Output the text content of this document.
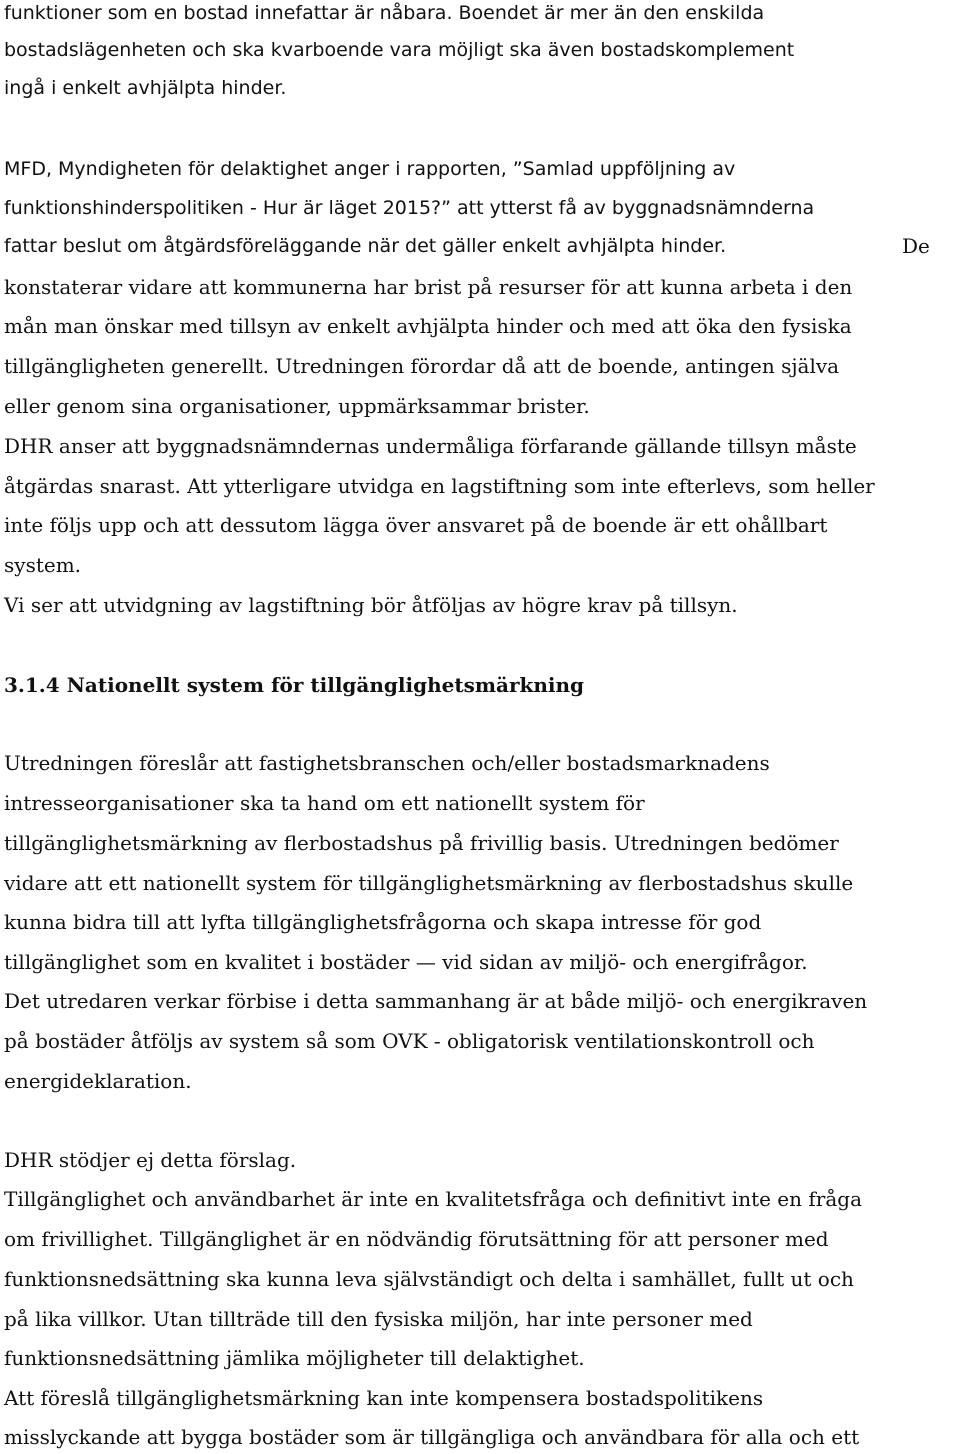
funktioner som en bostad innefattar är nåbara. Boendet är mer än den enskilda
bostadslägenheten och ska kvarboende vara möjligt ska även bostadskomplement
ingå i enkelt avhjälpta hinder.
MFD, Myndigheten för delaktighet anger i rapporten, ”Samlad uppföljning av
funktionshinderspolitiken - Hur är läget 2015?” att ytterst få av byggnadsnämnderna
fattar beslut om åtgärdsföreläggande när det gäller enkelt avhjälpta hinder.	De
konstaterar vidare att kommunerna har brist på resurser för att kunna arbeta i den
mån man önskar med tillsyn av enkelt avhjälpta hinder och med att öka den fysiska
tillgängligheten generellt. Utredningen förordar då att de boende, antingen själva
eller genom sina organisationer, uppmärksammar brister.
DHR anser att byggnadsnämndernas undermåliga förfarande gällande tillsyn måste
åtgärdas snarast. Att ytterligare utvidga en lagstiftning som inte efterlevs, som heller
inte följs upp och att dessutom lägga över ansvaret på de boende är ett ohållbart
system.
Vi ser att utvidgning av lagstiftning bör åtföljas av högre krav på tillsyn.
3.1.4 Nationellt system för tillgänglighetsmärkning
Utredningen föreslår att fastighetsbranschen och/eller bostadsmarknadens
intresseorganisationer ska ta hand om ett nationellt system för
tillgänglighetsmärkning av flerbostadshus på frivillig basis. Utredningen bedömer
vidare att ett nationellt system för tillgänglighetsmärkning av flerbostadshus skulle
kunna bidra till att lyfta tillgänglighetsfrågorna och skapa intresse för god
tillgänglighet som en kvalitet i bostäder — vid sidan av miljö- och energifrågor.
Det utredaren verkar förbise i detta sammanhang är at både miljö- och energikraven
på bostäder åtföljs av system så som OVK - obligatorisk ventilationskontroll och
energideklaration.
DHR stödjer ej detta förslag.
Tillgänglighet och användbarhet är inte en kvalitetsfråga och definitivt inte en fråga
om frivillighet. Tillgänglighet är en nödvändig förutsättning för att personer med
funktionsnedsättning ska kunna leva självständigt och delta i samhället, fullt ut och
på lika villkor. Utan tillträde till den fysiska miljön, har inte personer med
funktionsnedsättning jämlika möjligheter till delaktighet.
Att föreslå tillgänglighetsmärkning kan inte kompensera bostadspolitikens
misslyckande att bygga bostäder som är tillgängliga och användbara för alla och ett
